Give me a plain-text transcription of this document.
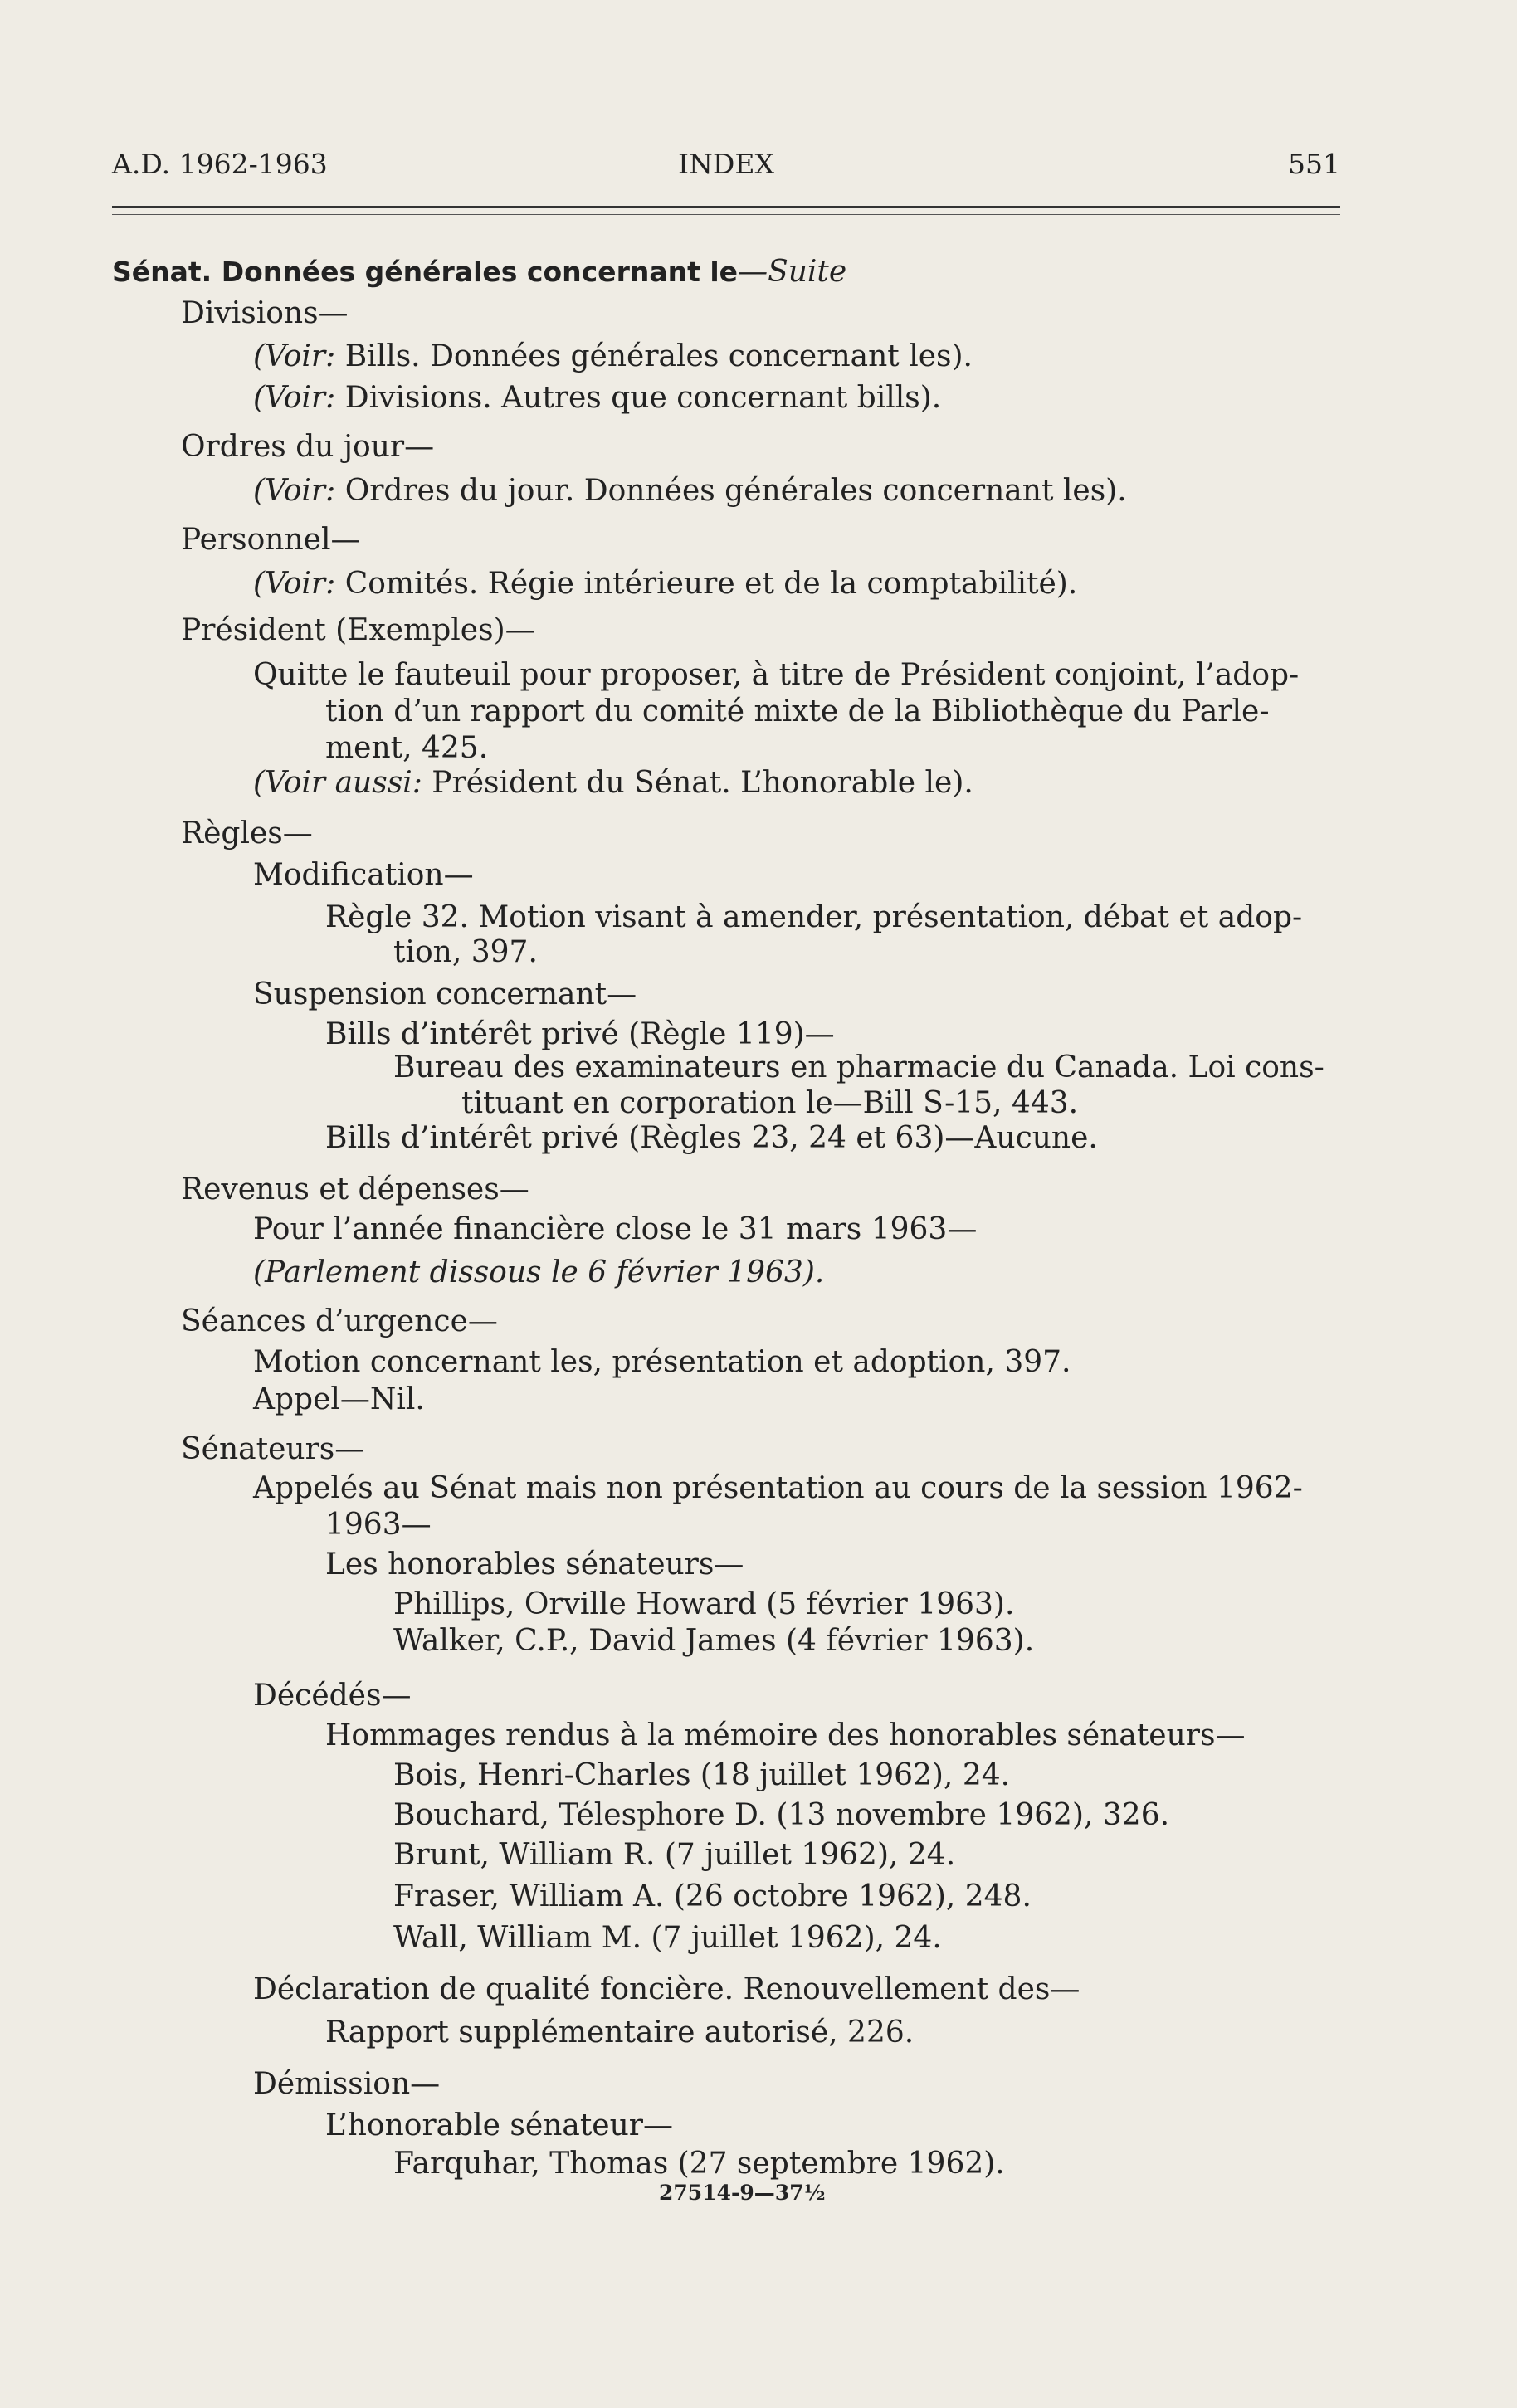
A.D. 1962-1963	INDEX	551
Sénat. Données générales concernant le—Suite
Divisions—
(Voir: Bills. Données générales concernant les).
(Voir: Divisions. Autres que concernant bills).
Ordres du jour—
(Voir: Ordres du jour. Données générales concernant les).
Personnel—
(Voir: Comités. Régie intérieure et de la comptabilité).
Président (Exemples)—
Quitte le fauteuil pour proposer, à titre de Président conjoint, l’adop-
tion d’un rapport du comité mixte de la Bibliothèque du Parle-
ment, 425.
(Voir aussi: Président du Sénat. L’honorable le).
Règles—
Modification—
Règle 32. Motion visant à amender, présentation, débat et adop-
tion, 397.
Suspension concernant—
Bills d’intérêt privé (Règle 119)—
Bureau des examinateurs en pharmacie du Canada. Loi cons-
tituant en corporation le—Bill S-15, 443.
Bills d’intérêt privé (Règles 23, 24 et 63)—Aucune.
Revenus et dépenses—
Pour l’année financière close le 31 mars 1963—
(Parlement dissous le 6 février 1963).
Séances d’urgence—
Motion concernant les, présentation et adoption, 397.
Appel—Nil.
Sénateurs—
Appelés au Sénat mais non présentation au cours de la session 1962-
1963—
Les honorables sénateurs—
Phillips, Orville Howard (5 février 1963).
Walker, C.P., David James (4 février 1963).
Décédés—
Hommages rendus à la mémoire des honorables sénateurs—
Bois, Henri-Charles (18 juillet 1962), 24.
Bouchard, Télesphore D. (13 novembre 1962), 326.
Brunt, William R. (7 juillet 1962), 24.
Fraser, William A. (26 octobre 1962), 248.
Wall, William M. (7 juillet 1962), 24.
Déclaration de qualité foncière. Renouvellement des—
Rapport supplémentaire autorisé, 226.
Démission—
L’honorable sénateur—
Farquhar, Thomas (27 septembre 1962).
27514-9—37½
